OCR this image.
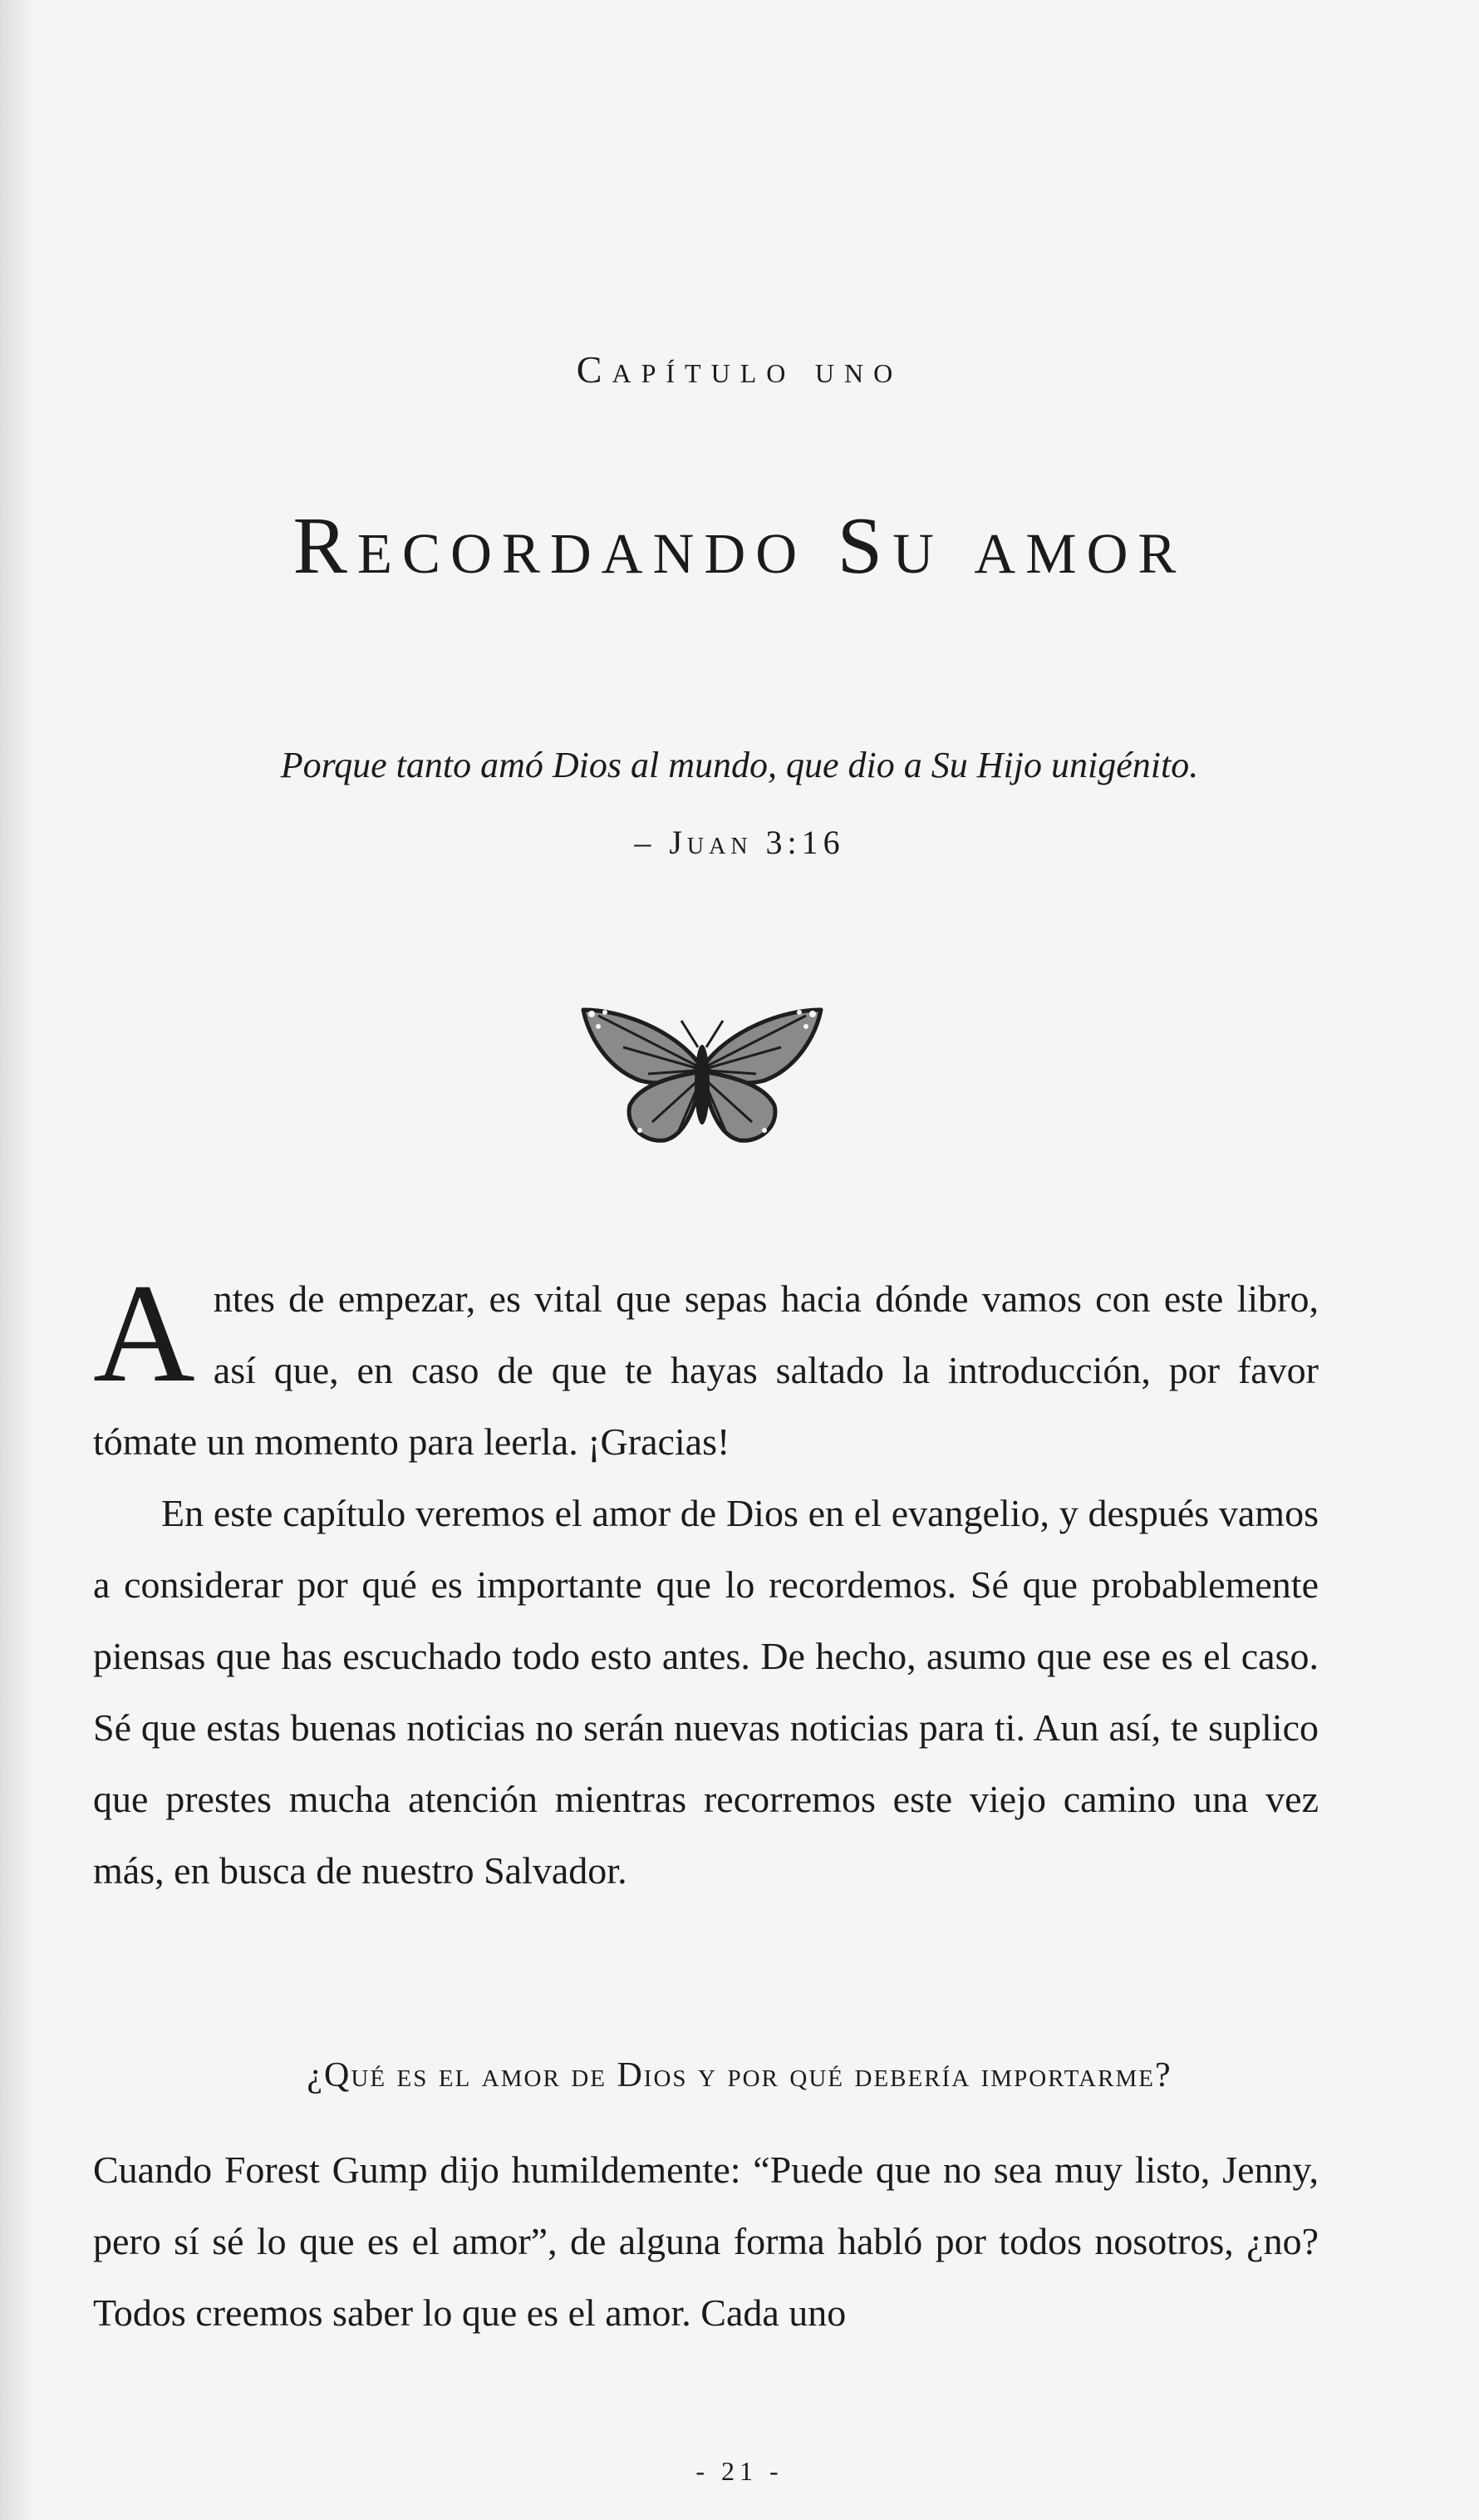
Capítulo uno
Recordando Su amor
Porque tanto amó Dios al mundo, que dio a Su Hijo unigénito.
– Juan 3:16

Antes de empezar, es vital que sepas hacia dónde vamos con este libro, así que, en caso de que te hayas saltado la introducción, por favor tómate un momento para leerla. ¡Gracias!

En este capítulo veremos el amor de Dios en el evangelio, y después vamos a considerar por qué es importante que lo recordemos. Sé que probablemente piensas que has escuchado todo esto antes. De hecho, asumo que ese es el caso. Sé que estas buenas noticias no serán nuevas noticias para ti. Aun así, te suplico que prestes mucha atención mientras recorremos este viejo camino una vez más, en busca de nuestro Salvador.

¿Qué es el amor de Dios y por qué debería importarme?

Cuando Forest Gump dijo humildemente: “Puede que no sea muy listo, Jenny, pero sí sé lo que es el amor”, de alguna forma habló por todos nosotros, ¿no? Todos creemos saber lo que es el amor. Cada uno

- 21 -
